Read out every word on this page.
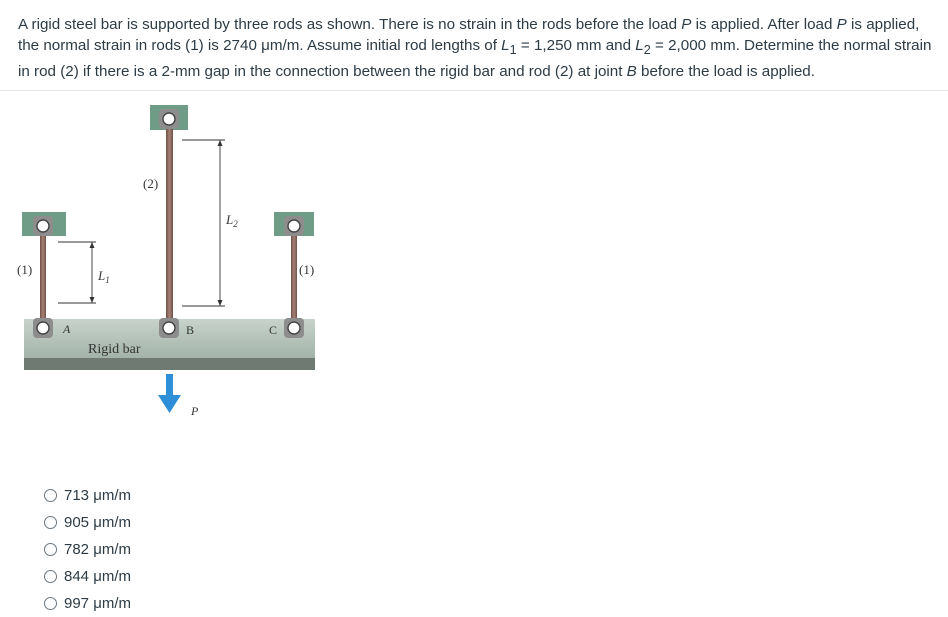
A rigid steel bar is supported by three rods as shown. There is no strain in the rods before the load P is applied. After load P is applied, the normal strain in rods (1) is 2740 μm/m. Assume initial rod lengths of $L_1 = 1,250$ mm and $L_2 = 2,000$ mm. Determine the normal strain in rod (2) if there is a 2-mm gap in the connection between the rigid bar and rod (2) at joint B before the load is applied.
(2)
(1)	(1)
$L_1$
$L_2$
A	B	C
Rigid bar
P
713 μm/m
905 μm/m
782 μm/m
844 μm/m
997 μm/m
